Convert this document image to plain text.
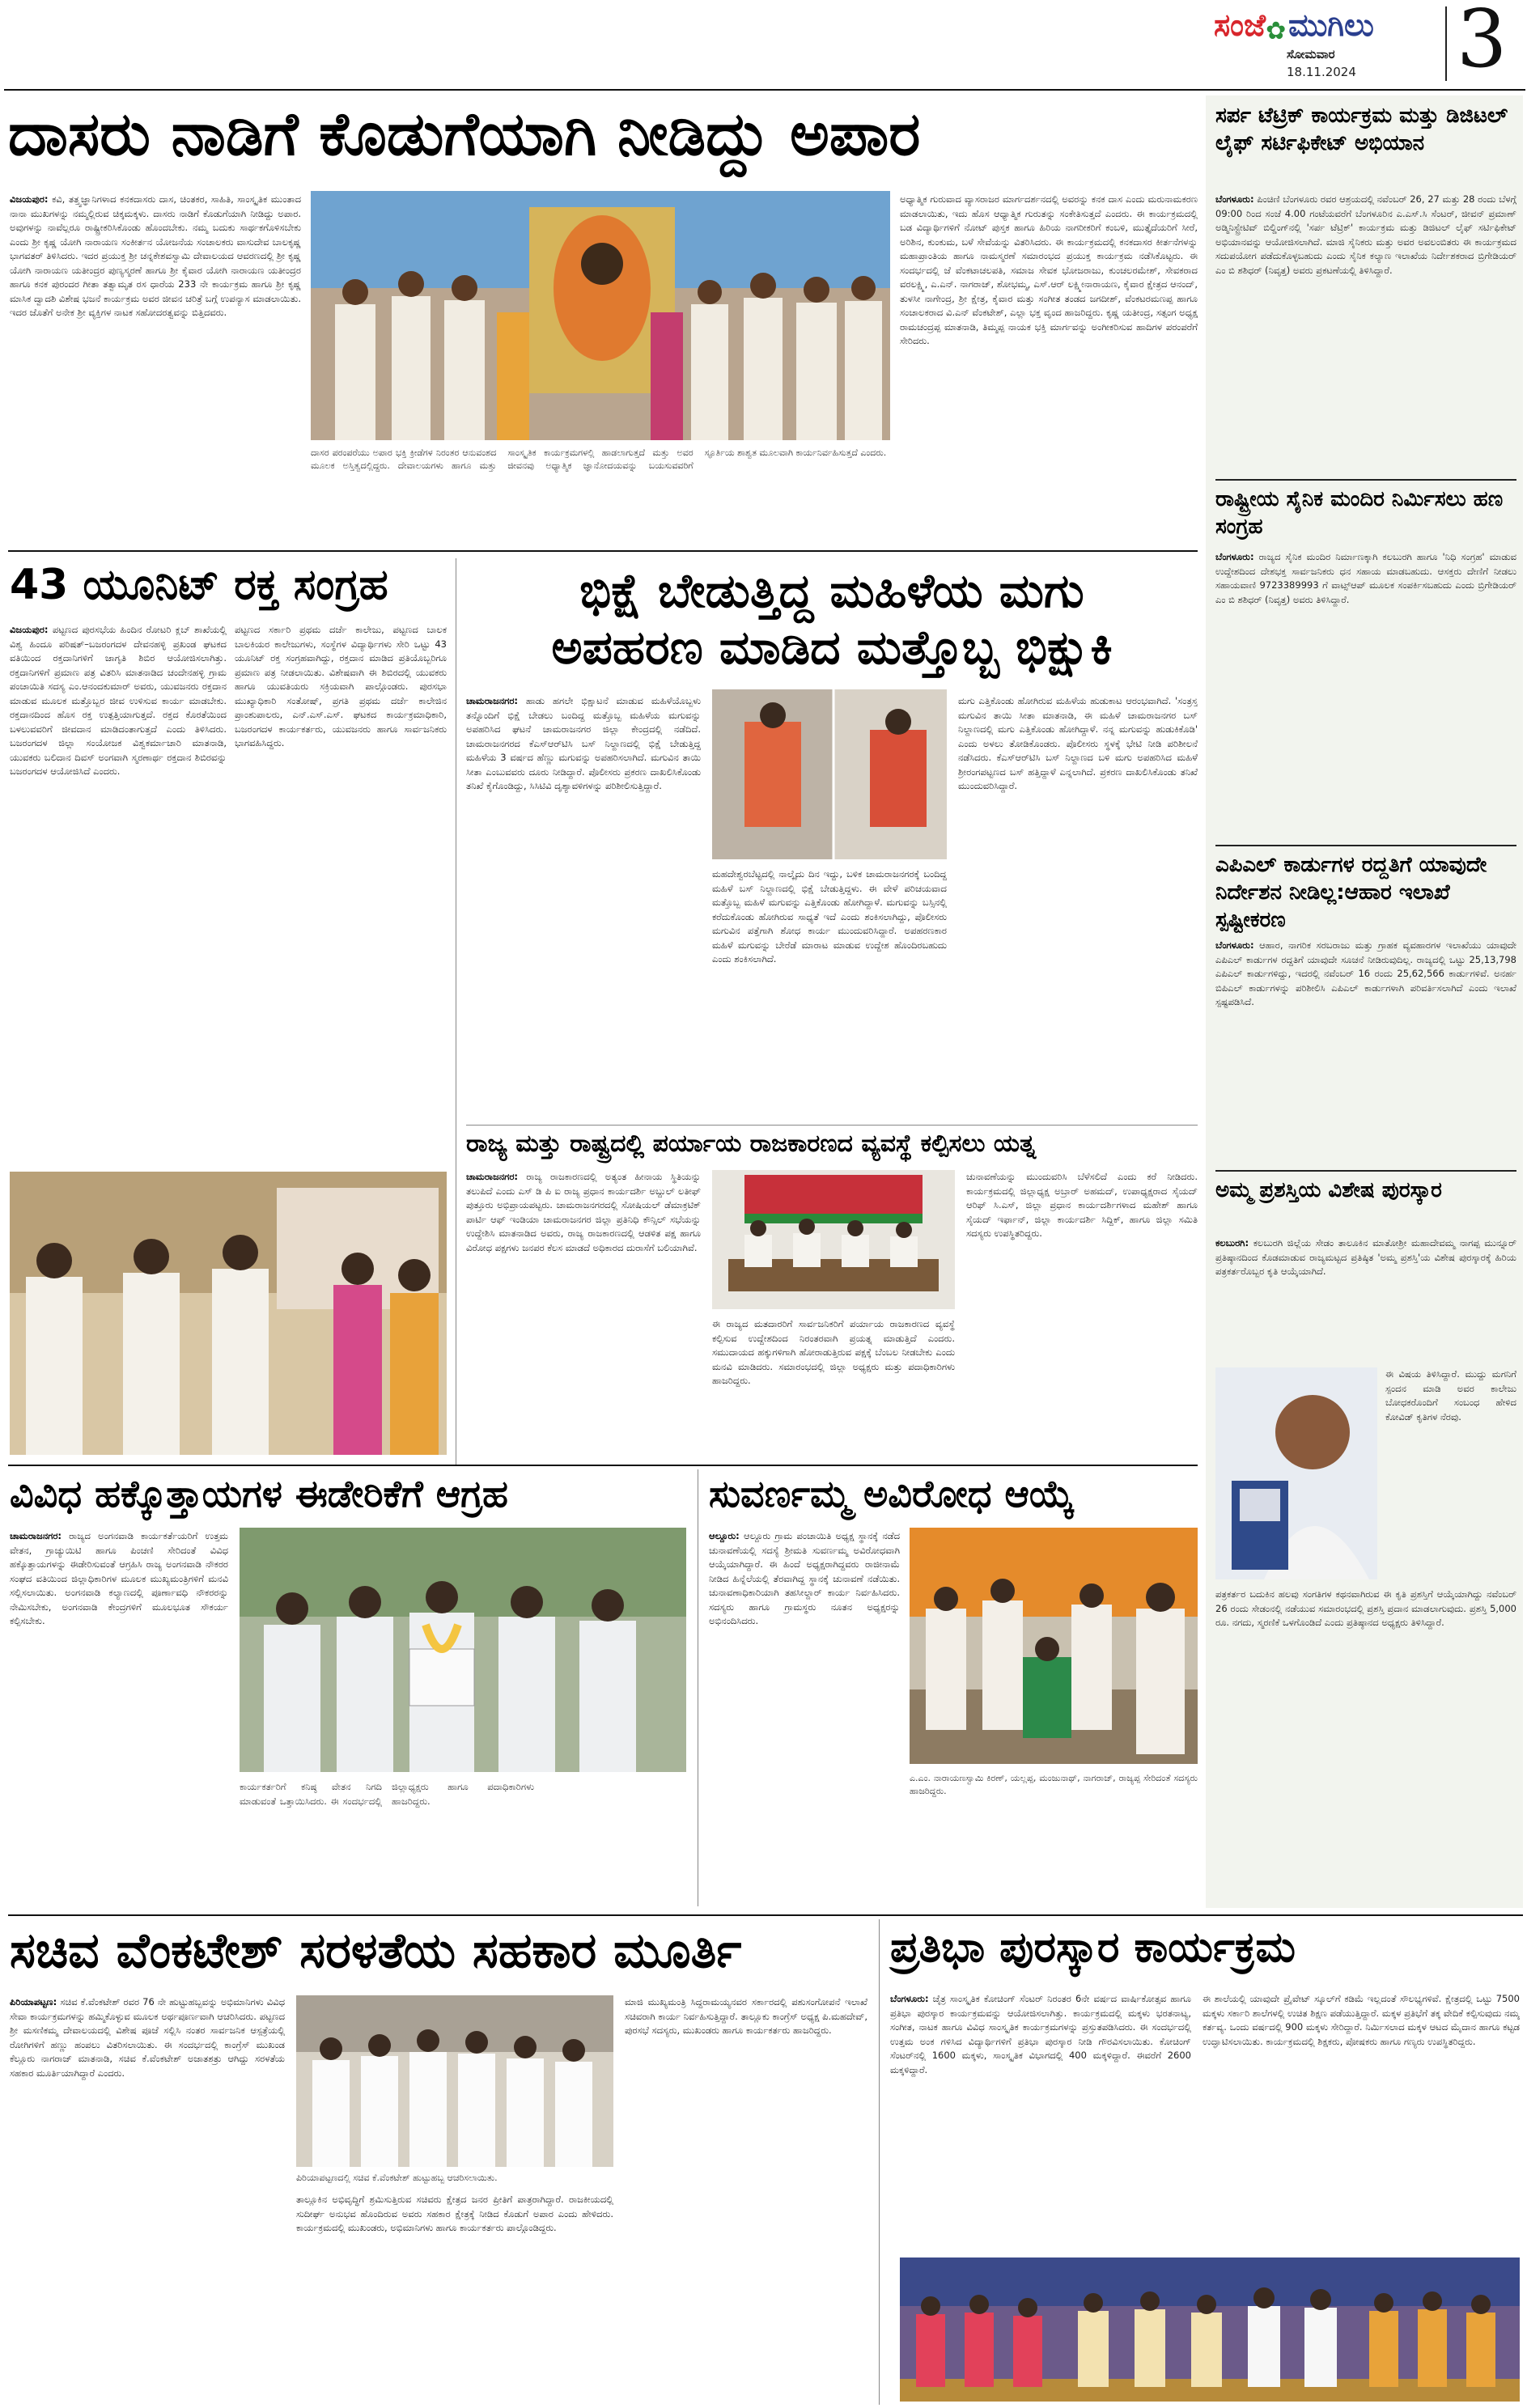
ಸಂಜೆ✿ಮುಗಿಲು
ಸೋಮವಾರ
18.11.2024 3
ದಾಸರು ನಾಡಿಗೆ ಕೊಡುಗೆಯಾಗಿ ನೀಡಿದ್ದು ಅಪಾರ
ವಿಜಯಪುರ: ಕವಿ, ತತ್ತ್ವಜ್ಞಾನಿಗಳಾದ ಕನಕದಾಸರು ದಾಸ, ಚಿಂತಕರ, ಸಾಹಿತಿ, ಸಾಂಸ್ಕೃತಿಕ ಮುಂತಾದ ನಾನಾ ಮುಖಗಳನ್ನು ನಮ್ಮಲ್ಲಿರುವ ಚಿಕ್ಕಮಕ್ಕಳು. ದಾಸರು ನಾಡಿಗೆ ಕೊಡುಗೆಯಾಗಿ ನೀಡಿದ್ದು ಅಪಾರ. ಅವುಗಳನ್ನು ನಾವೆಲ್ಲರೂ ರಾಷ್ಟ್ರೀಕರಿಸಿಕೊಂಡು ಹೊಂದಬೇಕು. ನಮ್ಮ ಬದುಕು ಸಾರ್ಥಕಗೊಳಿಸಬೇಕು ಎಂದು ಶ್ರೀ ಕೃಷ್ಣ ಯೋಗಿ ನಾರಾಯಣ ಸಂಕೀರ್ತನ ಯೋಜನೆಯ ಸಂಚಾಲಕರು ವಾಸುದೇವ ಬಾಲಕೃಷ್ಣ ಭಾಗವತರ್ ತಿಳಿಸಿದರು. ಇದರ ಪ್ರಯುಕ್ತ ಶ್ರೀ ಚನ್ನಕೇಶವಸ್ವಾಮಿ ದೇವಾಲಯದ ಆವರಣದಲ್ಲಿ ಶ್ರೀ ಕೃಷ್ಣ ಯೋಗಿ ನಾರಾಯಣ ಯತೀಂದ್ರರ ಪುಣ್ಯಸ್ಮರಣೆ ಹಾಗೂ ಶ್ರೀ ಕೈವಾರ ಯೋಗಿ ನಾರಾಯಣ ಯತೀಂದ್ರರ ಹಾಗೂ ಕನಕ ಪುರಂದರ ಗೀತಾ ತತ್ವಾಮೃತ ರಸ ಧಾರೆಯ 233 ನೇ ಕಾರ್ಯಕ್ರಮ ಹಾಗೂ ಶ್ರೀ ಕೃಷ್ಣ ಮಾಸಿಕ ದ್ವಾದಶಿ ವಿಶೇಷ ಭಜನೆ ಕಾರ್ಯಕ್ರಮ ಅವರ ಜೀವನ ಚರಿತ್ರೆ ಬಗ್ಗೆ ಉಪನ್ಯಾಸ ಮಾಡಲಾಯಿತು. ಇದರ ಜೊತೆಗೆ ಅನೇಕ ಶ್ರೀ ವ್ಯಕ್ತಿಗಳ ನಾಟಕ ಸಹೋದರತ್ವವನ್ನು ಬಿತ್ತಿದವರು.
ದಾಸರ ಪರಂಪರೆಯು ಅಪಾರ ಭಕ್ತಿ ಕ್ರೀಡೆಗಳ ನಿರಂತರ ಆನುವಂಶದ ಮೂಲಕ ಅಸ್ತಿತ್ವದಲ್ಲಿದ್ದರು. ದೇವಾಲಯಗಳು ಹಾಗೂ ಮತ್ತು ಸಾಂಸ್ಕೃತಿಕ ಕಾರ್ಯಕ್ರಮಗಳಲ್ಲಿ ಹಾಡಲಾಗುತ್ತದೆ ಮತ್ತು ಅವರ ಜೀವನವು ಅಧ್ಯಾತ್ಮಿಕ ಜ್ಞಾನೋದಯವನ್ನು ಬಯಸುವವರಿಗೆ ಸ್ಫೂರ್ತಿಯ ಶಾಶ್ವತ ಮೂಲವಾಗಿ ಕಾರ್ಯನಿರ್ವಹಿಸುತ್ತದೆ ಎಂದರು.
ಅಧ್ಯಾತ್ಮಿಕ ಗುರುವಾದ ವ್ಯಾಸರಾಜರ ಮಾರ್ಗದರ್ಶನದಲ್ಲಿ ಅವರನ್ನು ಕನಕ ದಾಸ ಎಂದು ಮರುನಾಮಕರಣ ಮಾಡಲಾಯಿತು, ಇದು ಹೊಸ ಆಧ್ಯಾತ್ಮಿಕ ಗುರುತನ್ನು ಸಂಕೇತಿಸುತ್ತದೆ ಎಂದರು. ಈ ಕಾರ್ಯಕ್ರಮದಲ್ಲಿ ಬಡ ವಿದ್ಯಾರ್ಥಿಗಳಿಗೆ ನೋಟ್ ಪುಸ್ತಕ ಹಾಗೂ ಹಿರಿಯ ನಾಗರೀಕರಿಗೆ ಕಂಬಳಿ, ಮುತ್ತೈದೆಯರಿಗೆ ಸೀರೆ, ಅರಿಶಿನ, ಕುಂಕುಮ, ಬಳೆ ಸೇವೆಯನ್ನು ವಿತರಿಸಿದರು. ಈ ಕಾರ್ಯಕ್ರಮದಲ್ಲಿ ಕನಕದಾಸರ ಕೀರ್ತನೆಗಳನ್ನು ಮಹಾಪ್ರಾಂತಿಯ ಹಾಗೂ ನಾಮಸ್ಮರಣೆ ಸಮಾರಂಭದ ಪ್ರಯುಕ್ತ ಕಾರ್ಯಕ್ರಮ ನಡೆಸಿಕೊಟ್ಟರು. ಈ ಸಂದರ್ಭದಲ್ಲಿ ಜೆ ವೆಂಕಟಾಚಲಪತಿ, ಸಮಾಜ ಸೇವಕ ಭೋಜರಾಜು, ಕುಂಚಲರಮೇಶ್, ಸೇವಕರಾದ ವರಲಕ್ಷ್ಮಿ, ಎ.ಎನ್. ನಾಗರಾಜ್, ಶೋಭಮ್ಮ, ಎಸ್.ಆರ್ ಲಕ್ಷ್ಮೀನಾರಾಯಣ, ಕೈವಾರ ಕ್ಷೇತ್ರದ ಆನಂದ್, ತುಳಸೀ ನಾಗೇಂದ್ರ, ಶ್ರೀ ಕ್ಷೇತ್ರ, ಕೈವಾರ ಮತ್ತು ಸಂಗೀತ ತಂಡದ ಜಗದೀಶ್, ವೆಂಕಟರಮಣಪ್ಪ ಹಾಗೂ ಸಂಚಾಲಕರಾದ ವಿ.ಎನ್ ವೆಂಕಟೇಶ್, ಎಲ್ಲಾ ಭಕ್ತ ವೃಂದ ಹಾಜರಿದ್ದರು. ಕೃಷ್ಣ ಯತೀಂದ್ರ, ಸತ್ಸಂಗ ಅಧ್ಯಕ್ಷ ರಾಮಚಂದ್ರಪ್ಪ ಮಾತನಾಡಿ, ತಿಮ್ಮಪ್ಪ ನಾಯಕ ಭಕ್ತಿ ಮಾರ್ಗವನ್ನು ಅಂಗೀಕರಿಸುವ ಹಾದಿಗಳ ಪರಂಪರೆಗೆ ಸೇರಿದರು.
43 ಯೂನಿಟ್ ರಕ್ತ ಸಂಗ್ರಹ
ವಿಜಯಪುರ: ಪಟ್ಟಣದ ಪುರಸಭೆಯ ಹಿಂದಿನ ರೋಟರಿ ಕ್ಲಬ್ ಶಾಖೆಯಲ್ಲಿ ವಿಶ್ವ ಹಿಂದೂ ಪರಿಷತ್–ಬಜರಂಗದಳ ದೇವನಹಳ್ಳಿ ಪ್ರಖಂಡ ಘಟಕದ ವತಿಯಿಂದ ರಕ್ತದಾನಿಗಳಿಗೆ ಜಾಗೃತಿ ಶಿಬಿರ ಆಯೋಜಿಸಲಾಗಿತ್ತು. ರಕ್ತದಾನಿಗಳಿಗೆ ಪ್ರಮಾಣ ಪತ್ರ ವಿತರಿಸಿ ಮಾತನಾಡಿದ ಚಂದೇನಹಳ್ಳಿ ಗ್ರಾಮ ಪಂಚಾಯಿತಿ ಸದಸ್ಯ ಎಂ.ಆನಂದಕುಮಾರ್ ಅವರು, ಯುವಜನರು ರಕ್ತದಾನ ಮಾಡುವ ಮೂಲಕ ಮತ್ತೊಬ್ಬರ ಜೀವ ಉಳಿಸುವ ಕಾರ್ಯ ಮಾಡಬೇಕು. ರಕ್ತದಾನದಿಂದ ಹೊಸ ರಕ್ತ ಉತ್ಪತ್ತಿಯಾಗುತ್ತದೆ. ರಕ್ತದ ಕೊರತೆಯಿಂದ ಬಳಲುವವರಿಗೆ ಜೀವದಾನ ಮಾಡಿದಂತಾಗುತ್ತದೆ ಎಂದು ತಿಳಿಸಿದರು. ಬಜರಂಗದಳ ಜಿಲ್ಲಾ ಸಂಯೋಜಕ ವಿಶ್ವಕರ್ಮಾಚಾರಿ ಮಾತನಾಡಿ, ಯುವಕರು ಬಲಿದಾನ ದಿವಸ್ ಅಂಗವಾಗಿ ಸ್ಮರಣಾರ್ಥ ರಕ್ತದಾನ ಶಿಬಿರವನ್ನು ಬಜರಂಗದಳ ಆಯೋಜಿಸಿದೆ ಎಂದರು.
ಪಟ್ಟಣದ ಸರ್ಕಾರಿ ಪ್ರಥಮ ದರ್ಜೆ ಕಾಲೇಜು, ಪಟ್ಟಣದ ಬಾಲಕ ಬಾಲಕಿಯರ ಕಾಲೇಜುಗಳು, ಸಂಸ್ಥೆಗಳ ವಿದ್ಯಾರ್ಥಿಗಳು ಸೇರಿ ಒಟ್ಟು 43 ಯೂನಿಟ್ ರಕ್ತ ಸಂಗ್ರಹವಾಗಿದ್ದು, ರಕ್ತದಾನ ಮಾಡಿದ ಪ್ರತಿಯೊಬ್ಬರಿಗೂ ಪ್ರಮಾಣ ಪತ್ರ ನೀಡಲಾಯಿತು. ವಿಶೇಷವಾಗಿ ಈ ಶಿಬಿರದಲ್ಲಿ ಯುವಕರು ಹಾಗೂ ಯುವತಿಯರು ಸಕ್ರಿಯವಾಗಿ ಪಾಲ್ಗೊಂಡರು. ಪುರಸಭಾ ಮುಖ್ಯಾಧಿಕಾರಿ ಸಂತೋಷ್, ಪ್ರಗತಿ ಪ್ರಥಮ ದರ್ಜೆ ಕಾಲೇಜಿನ ಪ್ರಾಂಶುಪಾಲರು, ಎನ್.ಎಸ್.ಎಸ್. ಘಟಕದ ಕಾರ್ಯಕ್ರಮಾಧಿಕಾರಿ, ಬಜರಂಗದಳ ಕಾರ್ಯಕರ್ತರು, ಯುವಜನರು ಹಾಗೂ ಸಾರ್ವಜನಿಕರು ಭಾಗವಹಿಸಿದ್ದರು.
ಭಿಕ್ಷೆ ಬೇಡುತ್ತಿದ್ದ ಮಹಿಳೆಯ ಮಗು
ಅಪಹರಣ ಮಾಡಿದ ಮತ್ತೊಬ್ಬ ಭಿಕ್ಷುಕಿ
ಚಾಮರಾಜನಗರ: ಹಾಡು ಹಗಲೇ ಭಿಕ್ಷಾಟನೆ ಮಾಡುವ ಮಹಿಳೆಯೊಬ್ಬಳು ತನ್ನೊಂದಿಗೆ ಭಿಕ್ಷೆ ಬೇಡಲು ಬಂದಿದ್ದ ಮತ್ತೊಬ್ಬ ಮಹಿಳೆಯ ಮಗುವನ್ನು ಅಪಹರಿಸಿದ ಘಟನೆ ಚಾಮರಾಜನಗರ ಜಿಲ್ಲಾ ಕೇಂದ್ರದಲ್ಲಿ ನಡೆದಿದೆ. ಚಾಮರಾಜನಗರದ ಕೆಎಸ್‌ಆರ್‌ಟಿಸಿ ಬಸ್ ನಿಲ್ದಾಣದಲ್ಲಿ ಭಿಕ್ಷೆ ಬೇಡುತ್ತಿದ್ದ ಮಹಿಳೆಯ 3 ವರ್ಷದ ಹೆಣ್ಣು ಮಗುವನ್ನು ಅಪಹರಿಸಲಾಗಿದೆ. ಮಗುವಿನ ತಾಯಿ ಸೀತಾ ಎಂಬುವವರು ದೂರು ನೀಡಿದ್ದಾರೆ. ಪೊಲೀಸರು ಪ್ರಕರಣ ದಾಖಲಿಸಿಕೊಂಡು ತನಿಖೆ ಕೈಗೊಂಡಿದ್ದು, ಸಿಸಿಟಿವಿ ದೃಶ್ಯಾವಳಿಗಳನ್ನು ಪರಿಶೀಲಿಸುತ್ತಿದ್ದಾರೆ.
ಮಹದೇಶ್ವರಬೆಟ್ಟದಲ್ಲಿ ನಾಲ್ಕೈದು ದಿನ ಇದ್ದು, ಬಳಿಕ ಚಾಮರಾಜನಗರಕ್ಕೆ ಬಂದಿದ್ದ ಮಹಿಳೆ ಬಸ್ ನಿಲ್ದಾಣದಲ್ಲಿ ಭಿಕ್ಷೆ ಬೇಡುತ್ತಿದ್ದಳು. ಈ ವೇಳೆ ಪರಿಚಯವಾದ ಮತ್ತೊಬ್ಬ ಮಹಿಳೆ ಮಗುವನ್ನು ಎತ್ತಿಕೊಂಡು ಹೋಗಿದ್ದಾಳೆ. ಮಗುವನ್ನು ಬಸ್ಸಿನಲ್ಲಿ ಕರೆದುಕೊಂಡು ಹೋಗಿರುವ ಸಾಧ್ಯತೆ ಇದೆ ಎಂದು ಶಂಕಿಸಲಾಗಿದ್ದು, ಪೊಲೀಸರು ಮಗುವಿನ ಪತ್ತೆಗಾಗಿ ಶೋಧ ಕಾರ್ಯ ಮುಂದುವರಿಸಿದ್ದಾರೆ. ಅಪಹರಣಕಾರ ಮಹಿಳೆ ಮಗುವನ್ನು ಬೇರೆಡೆ ಮಾರಾಟ ಮಾಡುವ ಉದ್ದೇಶ ಹೊಂದಿರಬಹುದು ಎಂದು ಶಂಕಿಸಲಾಗಿದೆ.
ಮಗು ಎತ್ತಿಕೊಂಡು ಹೋಗಿರುವ ಮಹಿಳೆಯ ಹುಡುಕಾಟ ಆರಂಭವಾಗಿದೆ. 'ಸಂತ್ರಸ್ತ ಮಗುವಿನ ತಾಯಿ ಸೀತಾ ಮಾತನಾಡಿ, ಈ ಮಹಿಳೆ ಚಾಮರಾಜನಗರ ಬಸ್ ನಿಲ್ದಾಣದಲ್ಲಿ ಮಗು ಎತ್ತಿಕೊಂಡು ಹೋಗಿದ್ದಾಳೆ. ನನ್ನ ಮಗುವನ್ನು ಹುಡುಕಿಕೊಡಿ' ಎಂದು ಅಳಲು ತೋಡಿಕೊಂಡರು. ಪೊಲೀಸರು ಸ್ಥಳಕ್ಕೆ ಭೇಟಿ ನೀಡಿ ಪರಿಶೀಲನೆ ನಡೆಸಿದರು. ಕೆಎಸ್‌ಆರ್‌ಟಿಸಿ ಬಸ್ ನಿಲ್ದಾಣದ ಬಳಿ ಮಗು ಅಪಹರಿಸಿದ ಮಹಿಳೆ ಶ್ರೀರಂಗಪಟ್ಟಣದ ಬಸ್ ಹತ್ತಿದ್ದಾಳೆ ಎನ್ನಲಾಗಿದೆ. ಪ್ರಕರಣ ದಾಖಲಿಸಿಕೊಂಡು ತನಿಖೆ ಮುಂದುವರಿಸಿದ್ದಾರೆ.
ರಾಜ್ಯ ಮತ್ತು ರಾಷ್ಟ್ರದಲ್ಲಿ ಪರ್ಯಾಯ ರಾಜಕಾರಣದ ವ್ಯವಸ್ಥೆ ಕಲ್ಪಿಸಲು ಯತ್ನ
ಚಾಮರಾಜನಗರ: ರಾಜ್ಯ ರಾಜಕಾರಣದಲ್ಲಿ ಅತ್ಯಂತ ಹೀನಾಯ ಸ್ಥಿತಿಯನ್ನು ತಲುಪಿದೆ ಎಂದು ಎಸ್ ಡಿ ಪಿ ಐ ರಾಜ್ಯ ಪ್ರಧಾನ ಕಾರ್ಯದರ್ಶಿ ಅಬ್ದುಲ್ ಲತೀಫ್ ಪುತ್ತೂರು ಅಭಿಪ್ರಾಯಪಟ್ಟರು. ಚಾಮರಾಜನಗರದಲ್ಲಿ ಸೋಷಿಯಲ್ ಡೆಮಾಕ್ರಟಿಕ್ ಪಾರ್ಟಿ ಆಫ್ ಇಂಡಿಯಾ ಚಾಮರಾಜನಗರ ಜಿಲ್ಲಾ ಪ್ರತಿನಿಧಿ ಕೌನ್ಸಿಲ್ ಸಭೆಯನ್ನು ಉದ್ದೇಶಿಸಿ ಮಾತನಾಡಿದ ಅವರು, ರಾಜ್ಯ ರಾಜಕಾರಣದಲ್ಲಿ ಆಡಳಿತ ಪಕ್ಷ ಹಾಗೂ ವಿರೋಧ ಪಕ್ಷಗಳು ಜನಪರ ಕೆಲಸ ಮಾಡದೆ ಅಧಿಕಾರದ ದುರಾಸೆಗೆ ಬಲಿಯಾಗಿವೆ.
ಈ ರಾಜ್ಯದ ಮತದಾರರಿಗೆ ಸಾರ್ವಜನಿಕರಿಗೆ ಪರ್ಯಾಯ ರಾಜಕಾರಣದ ವ್ಯವಸ್ಥೆ ಕಲ್ಪಿಸುವ ಉದ್ದೇಶದಿಂದ ನಿರಂತರವಾಗಿ ಪ್ರಯತ್ನ ಮಾಡುತ್ತಿದೆ ಎಂದರು. ಸಮುದಾಯದ ಹಕ್ಕುಗಳಿಗಾಗಿ ಹೋರಾಡುತ್ತಿರುವ ಪಕ್ಷಕ್ಕೆ ಬೆಂಬಲ ನೀಡಬೇಕು ಎಂದು ಮನವಿ ಮಾಡಿದರು. ಸಮಾರಂಭದಲ್ಲಿ ಜಿಲ್ಲಾ ಅಧ್ಯಕ್ಷರು ಮತ್ತು ಪದಾಧಿಕಾರಿಗಳು ಹಾಜರಿದ್ದರು.
ಚುನಾವಣೆಯನ್ನು ಮುಂದುವರಿಸಿ ಬೆಳೆಸಲಿದೆ ಎಂದು ಕರೆ ನೀಡಿದರು. ಕಾರ್ಯಕ್ರಮದಲ್ಲಿ ಜಿಲ್ಲಾಧ್ಯಕ್ಷ ಅಬ್ರಾರ್ ಅಹಮದ್, ಉಪಾಧ್ಯಕ್ಷರಾದ ಸೈಯದ್ ಆರಿಫ್ ಸಿ.ಎಸ್, ಜಿಲ್ಲಾ ಪ್ರಧಾನ ಕಾರ್ಯದರ್ಶಿಗಳಾದ ಮಹೇಶ್ ಹಾಗೂ ಸೈಯದ್ ಇರ್ಫಾನ್, ಜಿಲ್ಲಾ ಕಾರ್ಯದರ್ಶಿ ಸಿದ್ದಿಕ್, ಹಾಗೂ ಜಿಲ್ಲಾ ಸಮಿತಿ ಸದಸ್ಯರು ಉಪಸ್ಥಿತರಿದ್ದರು.
ವಿವಿಧ ಹಕ್ಕೊತ್ತಾಯಗಳ ಈಡೇರಿಕೆಗೆ ಆಗ್ರಹ
ಚಾಮರಾಜನಗರ: ರಾಜ್ಯದ ಅಂಗನವಾಡಿ ಕಾರ್ಯಕರ್ತೆಯರಿಗೆ ಉತ್ತಮ ವೇತನ, ಗ್ರಾಚ್ಯುಯಿಟಿ ಹಾಗೂ ಪಿಂಚಣಿ ಸೇರಿದಂತೆ ವಿವಿಧ ಹಕ್ಕೊತ್ತಾಯಗಳನ್ನು ಈಡೇರಿಸುವಂತೆ ಆಗ್ರಹಿಸಿ ರಾಜ್ಯ ಅಂಗನವಾಡಿ ನೌಕರರ ಸಂಘದ ವತಿಯಿಂದ ಜಿಲ್ಲಾಧಿಕಾರಿಗಳ ಮೂಲಕ ಮುಖ್ಯಮಂತ್ರಿಗಳಿಗೆ ಮನವಿ ಸಲ್ಲಿಸಲಾಯಿತು. ಅಂಗನವಾಡಿ ಕಲ್ಯಾಣದಲ್ಲಿ ಪೂರ್ಣಾವಧಿ ನೌಕರರನ್ನು ನೇಮಿಸಬೇಕು, ಅಂಗನವಾಡಿ ಕೇಂದ್ರಗಳಿಗೆ ಮೂಲಭೂತ ಸೌಕರ್ಯ ಕಲ್ಪಿಸಬೇಕು.
ಕಾರ್ಯಕರ್ತರಿಗೆ ಕನಿಷ್ಠ ವೇತನ ನಿಗದಿ ಮಾಡುವಂತೆ ಒತ್ತಾಯಿಸಿದರು. ಈ ಸಂದರ್ಭದಲ್ಲಿ ಜಿಲ್ಲಾಧ್ಯಕ್ಷರು ಹಾಗೂ ಪದಾಧಿಕಾರಿಗಳು ಹಾಜರಿದ್ದರು.
ಸುವರ್ಣಮ್ಮ ಅವಿರೋಧ ಆಯ್ಕೆ
ಆಲ್ದೂರು: ಆಲ್ದೂರು ಗ್ರಾಮ ಪಂಚಾಯಿತಿ ಅಧ್ಯಕ್ಷ ಸ್ಥಾನಕ್ಕೆ ನಡೆದ ಚುನಾವಣೆಯಲ್ಲಿ ಸದಸ್ಯೆ ಶ್ರೀಮತಿ ಸುವರ್ಣಮ್ಮ ಅವಿರೋಧವಾಗಿ ಆಯ್ಕೆಯಾಗಿದ್ದಾರೆ. ಈ ಹಿಂದೆ ಅಧ್ಯಕ್ಷರಾಗಿದ್ದವರು ರಾಜೀನಾಮೆ ನೀಡಿದ ಹಿನ್ನೆಲೆಯಲ್ಲಿ ತೆರವಾಗಿದ್ದ ಸ್ಥಾನಕ್ಕೆ ಚುನಾವಣೆ ನಡೆಯಿತು. ಚುನಾವಣಾಧಿಕಾರಿಯಾಗಿ ತಹಸೀಲ್ದಾರ್ ಕಾರ್ಯ ನಿರ್ವಹಿಸಿದರು. ಸದಸ್ಯರು ಹಾಗೂ ಗ್ರಾಮಸ್ಥರು ನೂತನ ಅಧ್ಯಕ್ಷರನ್ನು ಅಭಿನಂದಿಸಿದರು.
ಎ.ಎಂ. ನಾರಾಯಣಸ್ವಾಮಿ ಕಿರಣ್, ಯಲ್ಲಪ್ಪ, ಮಂಜುನಾಥ್, ನಾಗರಾಜ್, ರಾಜ್ಯಪ್ಪ ಸೇರಿದಂತೆ ಸದಸ್ಯರು ಹಾಜರಿದ್ದರು.
ಸರ್ಪ ಟೆಟ್ರಿಕ್ ಕಾರ್ಯಕ್ರಮ ಮತ್ತು ಡಿಜಿಟಲ್ ಲೈಫ್ ಸರ್ಟಿಫಿಕೇಟ್ ಅಭಿಯಾನ
ಬೆಂಗಳೂರು: ಪಿಂಚಿಣಿ ಬೆಂಗಳೂರು ರವರ ಆಶ್ರಯದಲ್ಲಿ ನವೆಂಬರ್ 26, 27 ಮತ್ತು 28 ರಂದು ಬೆಳಗ್ಗೆ 09:00 ರಿಂದ ಸಂಜೆ 4.00 ಗಂಟೆಯವರೆಗೆ ಬೆಂಗಳೂರಿನ ಎ.ಎಸ್.ಸಿ ಸೆಂಟರ್, ಜೀವನ್ ಪ್ರಮಾಣ್ ಅಡ್ಮಿನಿಸ್ಟ್ರೇಟಿವ್ ಬಿಲ್ಡಿಂಗ್‌ನಲ್ಲಿ 'ಸರ್ಪ ಟೆಟ್ರಿಕ್' ಕಾರ್ಯಕ್ರಮ ಮತ್ತು ಡಿಜಿಟಲ್ ಲೈಫ್ ಸರ್ಟಿಫಿಕೇಟ್ ಅಭಿಯಾನವನ್ನು ಆಯೋಜಿಸಲಾಗಿದೆ. ಮಾಜಿ ಸೈನಿಕರು ಮತ್ತು ಅವರ ಅವಲಂಬಿತರು ಈ ಕಾರ್ಯಕ್ರಮದ ಸದುಪಯೋಗ ಪಡೆದುಕೊಳ್ಳಬಹುದು ಎಂದು ಸೈನಿಕ ಕಲ್ಯಾಣ ಇಲಾಖೆಯ ನಿರ್ದೇಶಕರಾದ ಬ್ರಿಗೇಡಿಯರ್ ಎಂ ಬಿ ಶಶಿಧರ್ (ನಿವೃತ್ತ) ಅವರು ಪ್ರಕಟಣೆಯಲ್ಲಿ ತಿಳಿಸಿದ್ದಾರೆ.
ರಾಷ್ಟ್ರೀಯ ಸೈನಿಕ ಮಂದಿರ ನಿರ್ಮಿಸಲು ಹಣ ಸಂಗ್ರಹ
ಬೆಂಗಳೂರು: ರಾಜ್ಯದ ಸೈನಿಕ ಮಂದಿರ ನಿರ್ಮಾಣಕ್ಕಾಗಿ ಕಲಬುರಗಿ ಹಾಗೂ 'ನಿಧಿ ಸಂಗ್ರಹ' ಮಾಡುವ ಉದ್ದೇಶದಿಂದ ದೇಶಭಕ್ತ ಸಾರ್ವಜನಿಕರು ಧನ ಸಹಾಯ ಮಾಡಬಹುದು. ಆಸಕ್ತರು ದೇಣಿಗೆ ನೀಡಲು ಸಹಾಯವಾಣಿ 9723389993 ಗೆ ವಾಟ್ಸ್‌ಆಪ್ ಮೂಲಕ ಸಂಪರ್ಕಿಸಬಹುದು ಎಂದು ಬ್ರಿಗೇಡಿಯರ್ ಎಂ ಬಿ ಶಶಿಧರ್ (ನಿವೃತ್ತ) ಅವರು ತಿಳಿಸಿದ್ದಾರೆ.
ಎಪಿಎಲ್ ಕಾರ್ಡುಗಳ ರದ್ದತಿಗೆ ಯಾವುದೇ ನಿರ್ದೇಶನ ನೀಡಿಲ್ಲ:ಆಹಾರ ಇಲಾಖೆ ಸ್ಪಷ್ಟೀಕರಣ
ಬೆಂಗಳೂರು: ಆಹಾರ, ನಾಗರಿಕ ಸರಬರಾಜು ಮತ್ತು ಗ್ರಾಹಕ ವ್ಯವಹಾರಗಳ ಇಲಾಖೆಯು ಯಾವುದೇ ಎಪಿಎಲ್ ಕಾರ್ಡುಗಳ ರದ್ದತಿಗೆ ಯಾವುದೇ ಸೂಚನೆ ನೀಡಿರುವುದಿಲ್ಲ. ರಾಜ್ಯದಲ್ಲಿ ಒಟ್ಟು 25,13,798 ಎಪಿಎಲ್ ಕಾರ್ಡುಗಳಿದ್ದು, ಇದರಲ್ಲಿ ನವೆಂಬರ್ 16 ರಂದು 25,62,566 ಕಾರ್ಡುಗಳಿವೆ. ಅನರ್ಹ ಬಿಪಿಎಲ್ ಕಾರ್ಡುಗಳನ್ನು ಪರಿಶೀಲಿಸಿ ಎಪಿಎಲ್ ಕಾರ್ಡುಗಳಾಗಿ ಪರಿವರ್ತಿಸಲಾಗಿದೆ ಎಂದು ಇಲಾಖೆ ಸ್ಪಷ್ಟಪಡಿಸಿದೆ.
ಅಮ್ಮ ಪ್ರಶಸ್ತಿಯ ವಿಶೇಷ ಪುರಸ್ಕಾರ
ಕಲಬುರಗಿ: ಕಲಬುರಗಿ ಜಿಲ್ಲೆಯ ಸೇಡಂ ತಾಲೂಕಿನ ಮಾತೋಶ್ರೀ ಮಹಾದೇವಮ್ಮ ನಾಗಪ್ಪ ಮುನ್ನೂರ್ ಪ್ರತಿಷ್ಠಾನದಿಂದ ಕೊಡಮಾಡುವ ರಾಜ್ಯಮಟ್ಟದ ಪ್ರತಿಷ್ಠಿತ 'ಅಮ್ಮ ಪ್ರಶಸ್ತಿ'ಯ ವಿಶೇಷ ಪುರಸ್ಕಾರಕ್ಕೆ ಹಿರಿಯ ಪತ್ರಕರ್ತರೊಬ್ಬರ ಕೃತಿ ಆಯ್ಕೆಯಾಗಿದೆ.
ಈ ವಿಷಯ ತಿಳಿಸಿದ್ದಾರೆ. ಮುದ್ದು ಮಗನಿಗೆ ಸ್ಪಂದನ ಮಾಡಿ ಅವರ ಕಾಲೇಜು ಬೋಧಕರೊಂದಿಗೆ ಸಂಬಂಧ ಹೇಳಿದ ಕೋವಿಡ್ ಕೃತಿಗಳ ನೆರವು.
ಪತ್ರಕರ್ತರ ಬದುಕಿನ ಹಲವು ಸಂಗತಿಗಳ ಕಥನವಾಗಿರುವ ಈ ಕೃತಿ ಪ್ರಶಸ್ತಿಗೆ ಆಯ್ಕೆಯಾಗಿದ್ದು ನವೆಂಬರ್ 26 ರಂದು ಸೇಡಂನಲ್ಲಿ ನಡೆಯುವ ಸಮಾರಂಭದಲ್ಲಿ ಪ್ರಶಸ್ತಿ ಪ್ರದಾನ ಮಾಡಲಾಗುವುದು. ಪ್ರಶಸ್ತಿ 5,000 ರೂ. ನಗದು, ಸ್ಮರಣಿಕೆ ಒಳಗೊಂಡಿದೆ ಎಂದು ಪ್ರತಿಷ್ಠಾನದ ಅಧ್ಯಕ್ಷರು ತಿಳಿಸಿದ್ದಾರೆ.
ಸಚಿವ ವೆಂಕಟೇಶ್ ಸರಳತೆಯ ಸಹಕಾರ ಮೂರ್ತಿ
ಪಿರಿಯಾಪಟ್ಟಣ: ಸಚಿವ ಕೆ.ವೆಂಕಟೇಶ್ ರವರ 76 ನೇ ಹುಟ್ಟುಹಬ್ಬವನ್ನು ಅಭಿಮಾನಿಗಳು ವಿವಿಧ ಸೇವಾ ಕಾರ್ಯಕ್ರಮಗಳನ್ನು ಹಮ್ಮಿಕೊಳ್ಳುವ ಮೂಲಕ ಅರ್ಥಪೂರ್ಣವಾಗಿ ಆಚರಿಸಿದರು. ಪಟ್ಟಣದ ಶ್ರೀ ಮಸಣಿಕಮ್ಮ ದೇವಾಲಯದಲ್ಲಿ ವಿಶೇಷ ಪೂಜೆ ಸಲ್ಲಿಸಿ ನಂತರ ಸಾರ್ವಜನಿಕ ಆಸ್ಪತ್ರೆಯಲ್ಲಿ ರೋಗಿಗಳಿಗೆ ಹಣ್ಣು ಹಂಪಲು ವಿತರಿಸಲಾಯಿತು. ಈ ಸಂದರ್ಭದಲ್ಲಿ ಕಾಂಗ್ರೆಸ್ ಮುಖಂಡ ಕೆಲ್ಲೂರು ನಾಗರಾಜ್ ಮಾತನಾಡಿ, ಸಚಿವ ಕೆ.ವೆಂಕಟೇಶ್ ಅಜಾತಶತ್ರು ಆಗಿದ್ದು ಸರಳತೆಯ ಸಹಕಾರ ಮೂರ್ತಿಯಾಗಿದ್ದಾರೆ ಎಂದರು.
ಪಿರಿಯಾಪಟ್ಟಣದಲ್ಲಿ ಸಚಿವ ಕೆ.ವೆಂಕಟೇಶ್ ಹುಟ್ಟುಹಬ್ಬ ಆಚರಿಸಲಾಯಿತು.
ತಾಲ್ಲೂಕಿನ ಅಭಿವೃದ್ಧಿಗೆ ಶ್ರಮಿಸುತ್ತಿರುವ ಸಚಿವರು ಕ್ಷೇತ್ರದ ಜನರ ಪ್ರೀತಿಗೆ ಪಾತ್ರರಾಗಿದ್ದಾರೆ. ರಾಜಕೀಯದಲ್ಲಿ ಸುದೀರ್ಘ ಅನುಭವ ಹೊಂದಿರುವ ಅವರು ಸಹಕಾರ ಕ್ಷೇತ್ರಕ್ಕೆ ನೀಡಿದ ಕೊಡುಗೆ ಅಪಾರ ಎಂದು ಹೇಳಿದರು. ಕಾರ್ಯಕ್ರಮದಲ್ಲಿ ಮುಖಂಡರು, ಅಭಿಮಾನಿಗಳು ಹಾಗೂ ಕಾರ್ಯಕರ್ತರು ಪಾಲ್ಗೊಂಡಿದ್ದರು.
ಮಾಜಿ ಮುಖ್ಯಮಂತ್ರಿ ಸಿದ್ದರಾಮಯ್ಯನವರ ಸರ್ಕಾರದಲ್ಲಿ ಪಶುಸಂಗೋಪನೆ ಇಲಾಖೆ ಸಚಿವರಾಗಿ ಕಾರ್ಯ ನಿರ್ವಹಿಸುತ್ತಿದ್ದಾರೆ. ತಾಲ್ಲೂಕು ಕಾಂಗ್ರೆಸ್ ಅಧ್ಯಕ್ಷ ಪಿ.ಮಹದೇವ್, ಪುರಸಭೆ ಸದಸ್ಯರು, ಮುಖಂಡರು ಹಾಗೂ ಕಾರ್ಯಕರ್ತರು ಹಾಜರಿದ್ದರು.
ಪ್ರತಿಭಾ ಪುರಸ್ಕಾರ ಕಾರ್ಯಕ್ರಮ
ಬೆಂಗಳೂರು: ಚೈತ್ರ ಸಾಂಸ್ಕೃತಿಕ ಕೋಚಿಂಗ್ ಸೆಂಟರ್ ನಿರಂತರ 6ನೇ ವರ್ಷದ ವಾರ್ಷಿಕೋತ್ಸವ ಹಾಗೂ ಪ್ರತಿಭಾ ಪುರಸ್ಕಾರ ಕಾರ್ಯಕ್ರಮವನ್ನು ಆಯೋಜಿಸಲಾಗಿತ್ತು. ಕಾರ್ಯಕ್ರಮದಲ್ಲಿ ಮಕ್ಕಳು ಭರತನಾಟ್ಯ, ಸಂಗೀತ, ನಾಟಕ ಹಾಗೂ ವಿವಿಧ ಸಾಂಸ್ಕೃತಿಕ ಕಾರ್ಯಕ್ರಮಗಳನ್ನು ಪ್ರಸ್ತುತಪಡಿಸಿದರು. ಈ ಸಂದರ್ಭದಲ್ಲಿ ಉತ್ತಮ ಅಂಕ ಗಳಿಸಿದ ವಿದ್ಯಾರ್ಥಿಗಳಿಗೆ ಪ್ರತಿಭಾ ಪುರಸ್ಕಾರ ನೀಡಿ ಗೌರವಿಸಲಾಯಿತು. ಕೋಚಿಂಗ್ ಸೆಂಟರ್‌ನಲ್ಲಿ 1600 ಮಕ್ಕಳು, ಸಾಂಸ್ಕೃತಿಕ ವಿಭಾಗದಲ್ಲಿ 400 ಮಕ್ಕಳಿದ್ದಾರೆ. ಈವರೆಗೆ 2600 ಮಕ್ಕಳಿದ್ದಾರೆ.
ಈ ಶಾಲೆಯಲ್ಲಿ ಯಾವುದೇ ಪ್ರೈವೇಟ್ ಸ್ಕೂಲ್‌ಗೆ ಕಡಿಮೆ ಇಲ್ಲದಂತೆ ಸೌಲಭ್ಯಗಳಿವೆ. ಕ್ಷೇತ್ರದಲ್ಲಿ ಒಟ್ಟು 7500 ಮಕ್ಕಳು ಸರ್ಕಾರಿ ಶಾಲೆಗಳಲ್ಲಿ ಉಚಿತ ಶಿಕ್ಷಣ ಪಡೆಯುತ್ತಿದ್ದಾರೆ. ಮಕ್ಕಳ ಪ್ರತಿಭೆಗೆ ತಕ್ಕ ವೇದಿಕೆ ಕಲ್ಪಿಸುವುದು ನಮ್ಮ ಕರ್ತವ್ಯ. ಒಂದು ವರ್ಷದಲ್ಲಿ 900 ಮಕ್ಕಳು ಸೇರಿದ್ದಾರೆ. ನಿರ್ಮಿಸಲಾದ ಮಕ್ಕಳ ಆಟದ ಮೈದಾನ ಹಾಗೂ ಕಟ್ಟಡ ಉದ್ಘಾಟಿಸಲಾಯಿತು. ಕಾರ್ಯಕ್ರಮದಲ್ಲಿ ಶಿಕ್ಷಕರು, ಪೋಷಕರು ಹಾಗೂ ಗಣ್ಯರು ಉಪಸ್ಥಿತರಿದ್ದರು.
